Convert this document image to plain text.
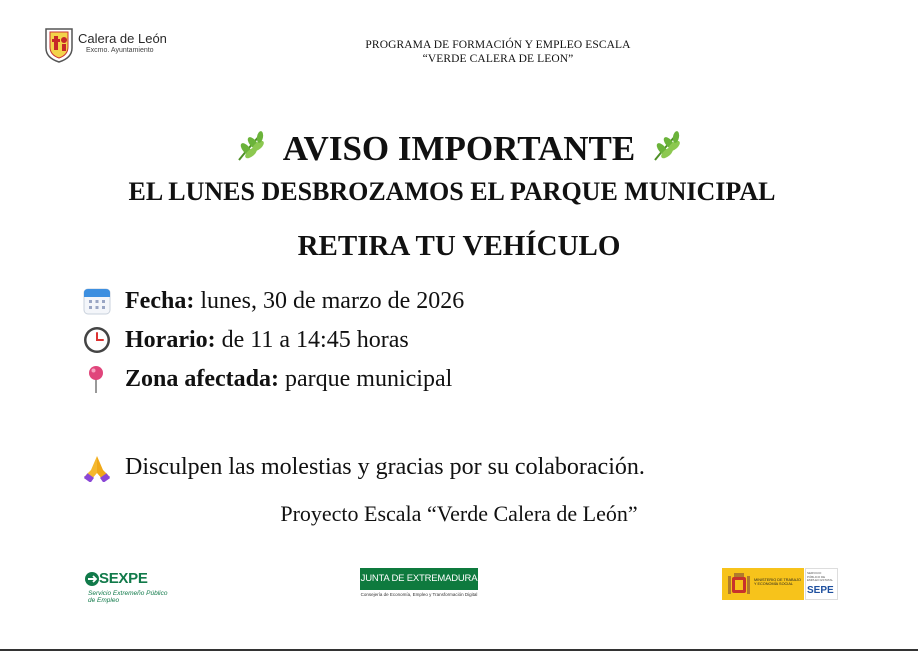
Calera de León
Excmo. Ayuntamiento	PROGRAMA DE FORMACIÓN Y EMPLEO ESCALA
“VERDE CALERA DE LEON”
AVISO IMPORTANTE
EL LUNES DESBROZAMOS EL PARQUE MUNICIPAL
RETIRA TU VEHÍCULO
Fecha: lunes, 30 de marzo de 2026
Horario: de 11 a 14:45 horas
Zona afectada: parque municipal
Disculpen las molestias y gracias por su colaboración.
Proyecto Escala “Verde Calera de León”
SEXPE
Servicio Extremeño Público de Empleo
JUNTA DE EXTREMADURA
Consejería de Economía, Empleo y Transformación Digital
MINISTERIO DE TRABAJO Y ECONOMÍA SOCIAL
SERVICIO PÚBLICO DE EMPLEO ESTATAL
SEPE
